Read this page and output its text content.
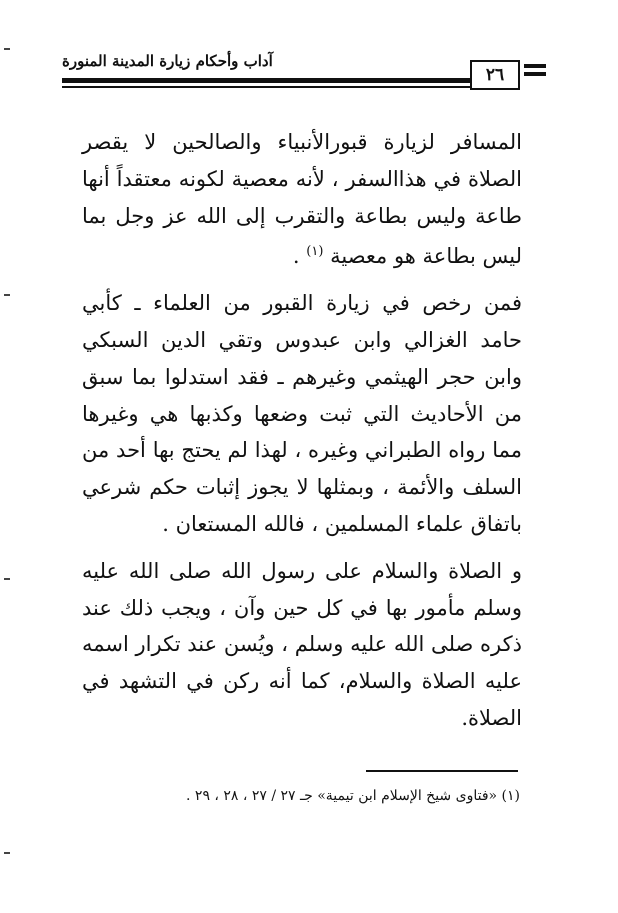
آداب وأحكام زيارة المدينة المنورة
٢٦

المسافر لزيارة قبورالأنبياء والصالحين لا يقصر الصلاة في هذاالسفر ، لأنه معصية لكونه معتقداً أنها طاعة وليس بطاعة والتقرب إلى الله عز وجل بما ليس بطاعة هو معصية $^{(١)}$ .

فمن رخص في زيارة القبور من العلماء ـ كأبي حامد الغزالي وابن عبدوس وتقي الدين السبكي وابن حجر الهيثمي وغيرهم ـ فقد استدلوا بما سبق من الأحاديث التي ثبت وضعها وكذبها هي وغيرها مما رواه الطبراني وغيره ، لهذا لم يحتج بها أحد من السلف والأئمة ، وبمثلها لا يجوز إثبات حكم شرعي باتفاق علماء المسلمين ، فالله المستعان .

و الصلاة والسلام على رسول الله صلى الله عليه وسلم مأمور بها في كل حين وآن ، ويجب ذلك عند ذكره صلى الله عليه وسلم ، ويُسن عند تكرار اسمه عليه الصلاة والسلام، كما أنه ركن في التشهد في الصلاة.

(١) «فتاوى شيخ الإسلام ابن تيمية» جـ ٢٧ / ٢٧ ، ٢٨ ، ٢٩ .
